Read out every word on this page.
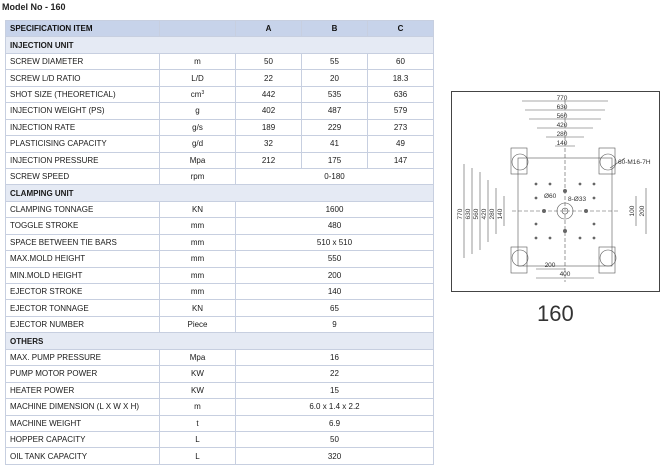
Model No - 160
SPECIFICATION ITEM		A	B	C
INJECTION UNIT				
SCREW DIAMETER	m	50	55	60
SCREW L/D RATIO	L/D	22	20	18.3
SHOT SIZE (THEORETICAL)	$cm^3$	442	535	636
INJECTION WEIGHT (PS)	g	402	487	579
INJECTION RATE	g/s	189	229	273
PLASTICISING CAPACITY	g/d	32	41	49
INJECTION PRESSURE	Mpa	212	175	147
SCREW SPEED	rpm	0-180		
CLAMPING UNIT				
CLAMPING TONNAGE	KN	1600		
TOGGLE STROKE	mm	480		
SPACE BETWEEN TIE BARS	mm	510 x 510		
MAX.MOLD HEIGHT	mm	550		
MIN.MOLD HEIGHT	mm	200		
EJECTOR STROKE	mm	140		
EJECTOR TONNAGE	KN	65		
EJECTOR NUMBER	Piece	9		
OTHERS				
MAX. PUMP PRESSURE	Mpa	16		
PUMP MOTOR POWER	KW	22		
HEATER POWER	KW	15		
MACHINE DIMENSION (L X W X H)	m	6.0 x 1.4 x 2.2		
MACHINE WEIGHT	t	6.9		
HOPPER CAPACITY	L	50		
OIL TANK CAPACITY	L	320		
770
630
560
420
280
140
770 630 560 420 280 140
200
400
100 200
60-M16-7H
Ø60 8-Ø33
160
